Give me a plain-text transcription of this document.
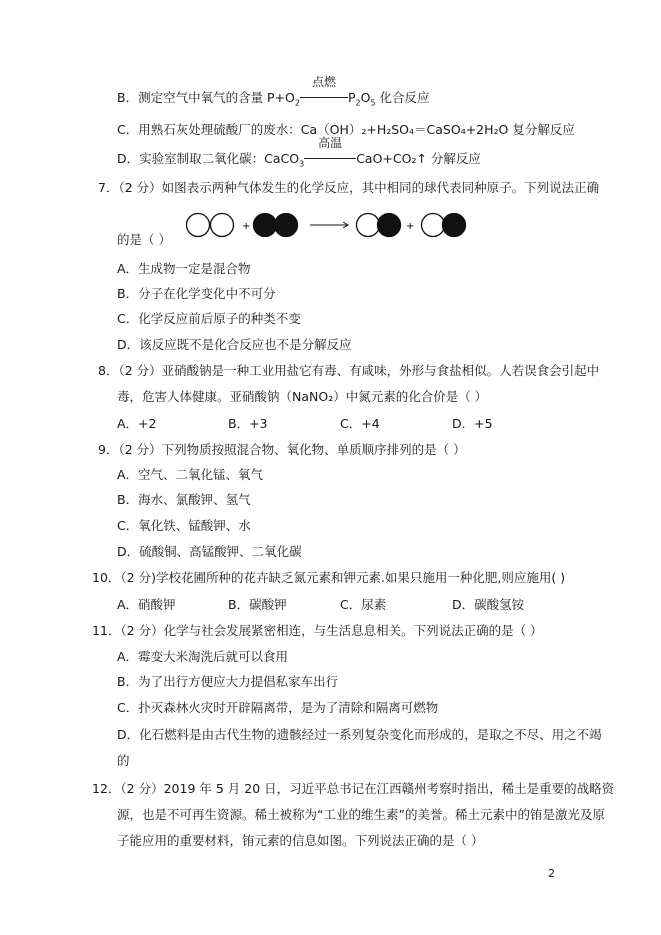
B．测定空气中氧气的含量 $P+O_2$
点燃
$P_2O_5$ 化合反应
C．用熟石灰处理硫酸厂的废水：Ca（OH）₂+H₂SO₄＝CaSO₄+2H₂O 复分解反应
D．实验室制取二氧化碳：CaCO$_3$
高温
CaO+CO₂↑ 分解反应
7．（2 分）如图表示两种气体发生的化学反应，其中相同的球代表同种原子。下列说法正确
+	+
的是（ ）
A．生成物一定是混合物
B．分子在化学变化中不可分
C．化学反应前后原子的种类不变
D．该反应既不是化合反应也不是分解反应
8．（2 分）亚硝酸钠是一种工业用盐它有毒、有咸味，外形与食盐相似。人若误食会引起中
毒，危害人体健康。亚硝酸钠（NaNO₂）中氮元素的化合价是（ ）
A．+2	B．+3	C．+4	D．+5
9．（2 分）下列物质按照混合物、氧化物、单质顺序排列的是（ ）
A．空气、二氧化锰、氧气
B．海水、氯酸钾、氢气
C．氧化铁、锰酸钾、水
D．硫酸铜、高锰酸钾、二氧化碳
10．（2 分)学校花圃所种的花卉缺乏氮元素和钾元素.如果只施用一种化肥,则应施用( )
A．硝酸钾	B．碳酸钾	C．尿素	D．碳酸氢铵
11．（2 分）化学与社会发展紧密相连，与生活息息相关。下列说法正确的是（ ）
A．霉变大米淘洗后就可以食用
B．为了出行方便应大力提倡私家车出行
C．扑灭森林火灾时开辟隔离带，是为了清除和隔离可燃物
D．化石燃料是由古代生物的遗骸经过一系列复杂变化而形成的，是取之不尽、用之不竭
的
12．（2 分）2019 年 5 月 20 日，习近平总书记在江西赣州考察时指出，稀土是重要的战略资
源，也是不可再生资源。稀土被称为“工业的维生素”的美誉。稀土元素中的铕是激光及原
子能应用的重要材料，铕元素的信息如图。下列说法正确的是（ ）
2
